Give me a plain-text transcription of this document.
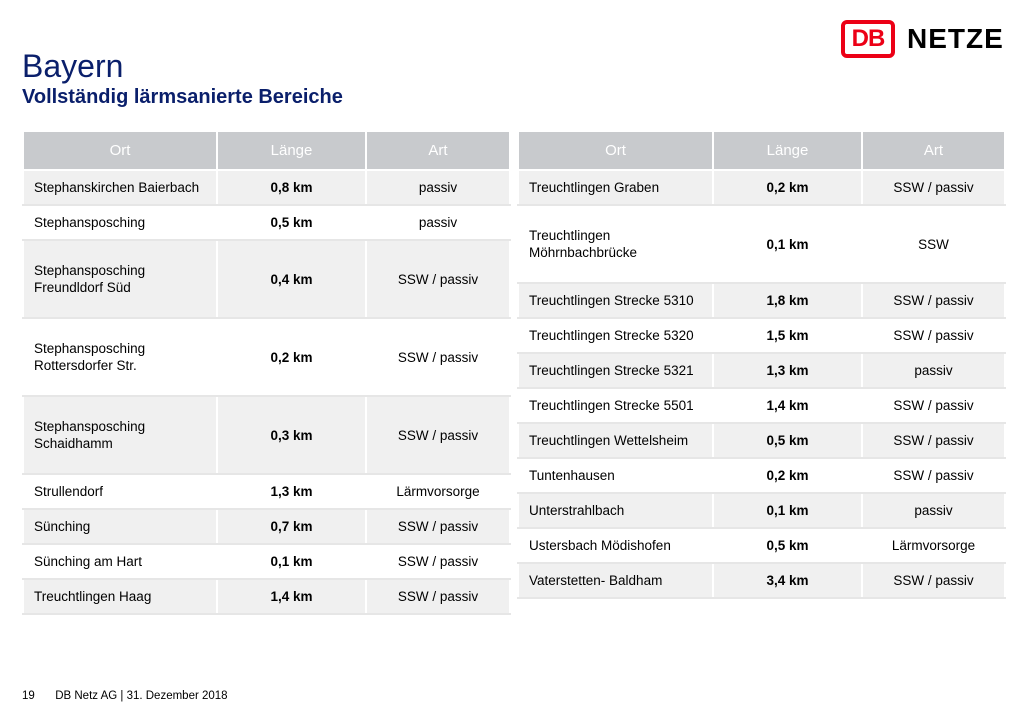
Bayern
Vollständig lärmsanierte Bereiche
DB NETZE
Ort	Länge	Art
Stephanskirchen Baierbach	0,8 km	passiv
Stephansposching	0,5 km	passiv
Stephansposching
Freundldorf Süd	0,4 km	SSW / passiv
Stephansposching
Rottersdorfer Str.	0,2 km	SSW / passiv
Stephansposching
Schaidhamm	0,3 km	SSW / passiv
Strullendorf	1,3 km	Lärmvorsorge
Sünching	0,7 km	SSW / passiv
Sünching am Hart	0,1 km	SSW / passiv
Treuchtlingen Haag	1,4 km	SSW / passiv
Ort	Länge	Art
Treuchtlingen Graben	0,2 km	SSW / passiv
Treuchtlingen
Möhrnbachbrücke	0,1 km	SSW
Treuchtlingen Strecke 5310	1,8 km	SSW / passiv
Treuchtlingen Strecke 5320	1,5 km	SSW / passiv
Treuchtlingen Strecke 5321	1,3 km	passiv
Treuchtlingen Strecke 5501	1,4 km	SSW / passiv
Treuchtlingen Wettelsheim	0,5 km	SSW / passiv
Tuntenhausen	0,2 km	SSW / passiv
Unterstrahlbach	0,1 km	passiv
Ustersbach Mödishofen	0,5 km	Lärmvorsorge
Vaterstetten- Baldham	3,4 km	SSW / passiv
19 DB Netz AG | 31. Dezember 2018
